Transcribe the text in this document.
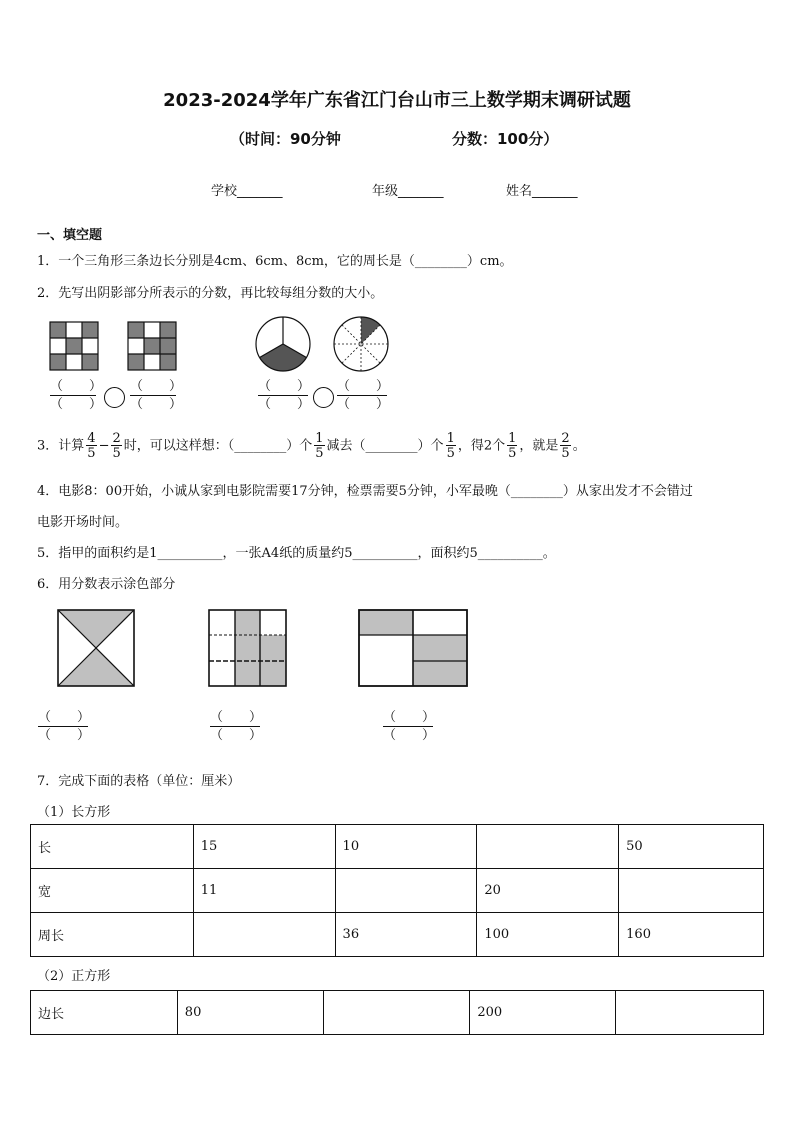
2023-2024学年广东省江门台山市三上数学期末调研试题
（时间：90分钟	分数：100分）
学校_______	年级_______	姓名_______
一、填空题
1．一个三角形三条边长分别是4cm、6cm、8cm，它的周长是（________）cm。
2．先写出阴影部分所表示的分数，再比较每组分数的大小。
（　　）
（　　）
（　　）
（　　）
（　　）
（　　）
（　　）
（　　）
3．计算 $\frac{4}{5} - \frac{2}{5}$ 时，可以这样想：（________）个 $\frac{1}{5}$ 减去（________）个 $\frac{1}{5}$ ，得2个 $\frac{1}{5}$ ，就是 $\frac{2}{5}$ 。
4．电影8：00开始，小诚从家到电影院需要17分钟，检票需要5分钟，小军最晚（________）从家出发才不会错过
电影开场时间。
5．指甲的面积约是1__________，一张A4纸的质量约5__________，面积约5__________。
6．用分数表示涂色部分
（　　）
（　　）
（　　）
（　　）
（　　）
（　　）
7．完成下面的表格（单位：厘米）
（1）长方形
长	15	10		50
宽	11		20	
周长		36	100	160
（2）正方形
边长	80		200	
